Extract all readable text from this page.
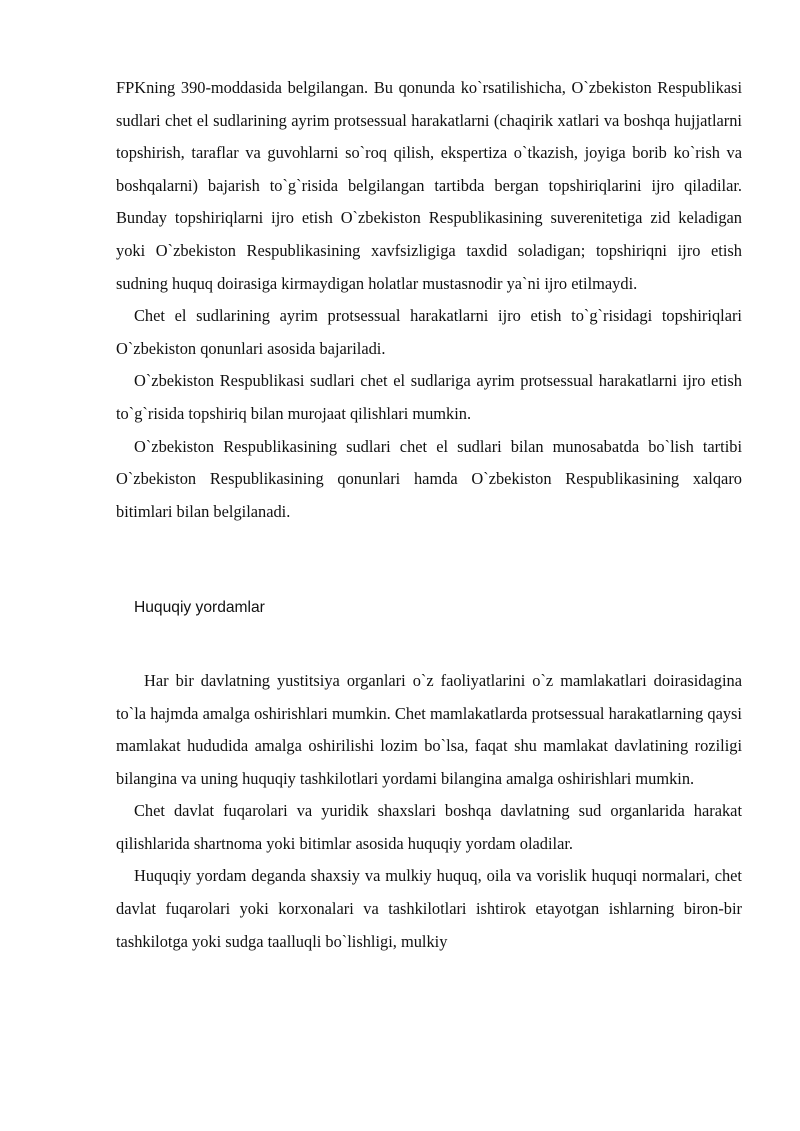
FPKning 390-moddasida belgilangan. Bu qonunda ko`rsatilishicha, O`zbekiston Respublikasi sudlari chet el sudlarining ayrim protsessual harakatlarni (chaqirik xatlari va boshqa hujjatlarni topshirish, taraflar va guvohlarni so`roq qilish, ekspertiza o`tkazish, joyiga borib ko`rish va boshqalarni) bajarish to`g`risida belgilangan tartibda bergan topshiriqlarini ijro qiladilar. Bunday topshiriqlarni ijro etish O`zbekiston Respublikasining suverenitetiga zid keladigan yoki O`zbekiston Respublikasining xavfsizligiga taxdid soladigan; topshiriqni ijro etish sudning huquq doirasiga kirmaydigan holatlar mustasnodir ya`ni ijro etilmaydi.

Chet el sudlarining ayrim protsessual harakatlarni ijro etish to`g`risidagi topshiriqlari O`zbekiston qonunlari asosida bajariladi.

O`zbekiston Respublikasi sudlari chet el sudlariga ayrim protsessual harakatlarni ijro etish to`g`risida topshiriq bilan murojaat qilishlari mumkin.

O`zbekiston Respublikasining sudlari chet el sudlari bilan munosabatda bo`lish tartibi O`zbekiston Respublikasining qonunlari hamda O`zbekiston Respublikasining xalqaro bitimlari bilan belgilanadi.

Huquqiy yordamlar

Har bir davlatning yustitsiya organlari o`z faoliyatlarini o`z mamlakatlari doirasidagina to`la hajmda amalga oshirishlari mumkin. Chet mamlakatlarda protsessual harakatlarning qaysi mamlakat hududida amalga oshirilishi lozim bo`lsa, faqat shu mamlakat davlatining roziligi bilangina va uning huquqiy tashkilotlari yordami bilangina amalga oshirishlari mumkin.

Chet davlat fuqarolari va yuridik shaxslari boshqa davlatning sud organlarida harakat qilishlarida shartnoma yoki bitimlar asosida huquqiy yordam oladilar.

Huquqiy yordam deganda shaxsiy va mulkiy huquq, oila va vorislik huquqi normalari, chet davlat fuqarolari yoki korxonalari va tashkilotlari ishtirok etayotgan ishlarning biron-bir tashkilotga yoki sudga taalluqli bo`lishligi, mulkiy
